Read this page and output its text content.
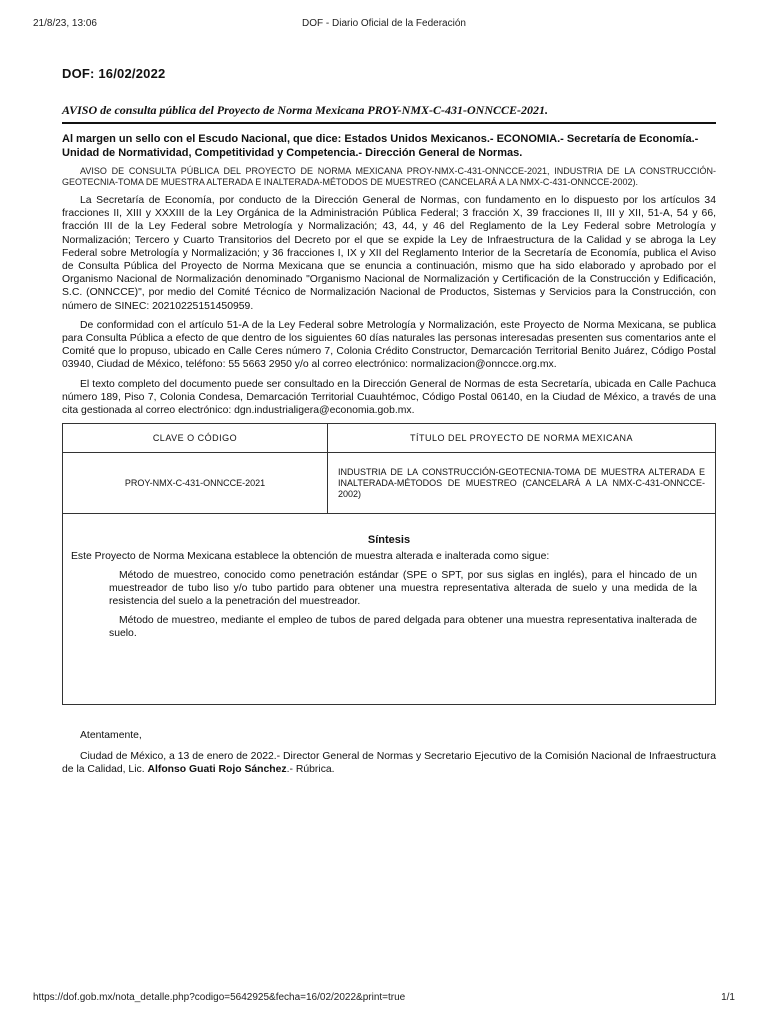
21/8/23, 13:06	DOF - Diario Oficial de la Federación

DOF: 16/02/2022

AVISO de consulta pública del Proyecto de Norma Mexicana PROY-NMX-C-431-ONNCCE-2021.

Al margen un sello con el Escudo Nacional, que dice: Estados Unidos Mexicanos.- ECONOMIA.- Secretaría de Economía.- Unidad de Normatividad, Competitividad y Competencia.- Dirección General de Normas.

AVISO DE CONSULTA PÚBLICA DEL PROYECTO DE NORMA MEXICANA PROY-NMX-C-431-ONNCCE-2021, INDUSTRIA DE LA CONSTRUCCIÓN-GEOTECNIA-TOMA DE MUESTRA ALTERADA E INALTERADA-MÉTODOS DE MUESTREO (CANCELARÁ A LA NMX-C-431-ONNCCE-2002).

La Secretaría de Economía, por conducto de la Dirección General de Normas, con fundamento en lo dispuesto por los artículos 34 fracciones II, XIII y XXXIII de la Ley Orgánica de la Administración Pública Federal; 3 fracción X, 39 fracciones II, III y XII, 51-A, 54 y 66, fracción III de la Ley Federal sobre Metrología y Normalización; 43, 44, y 46 del Reglamento de la Ley Federal sobre Metrología y Normalización; Tercero y Cuarto Transitorios del Decreto por el que se expide la Ley de Infraestructura de la Calidad y se abroga la Ley Federal sobre Metrología y Normalización; y 36 fracciones I, IX y XII del Reglamento Interior de la Secretaría de Economía, publica el Aviso de Consulta Pública del Proyecto de Norma Mexicana que se enuncia a continuación, mismo que ha sido elaborado y aprobado por el Organismo Nacional de Normalización denominado "Organismo Nacional de Normalización y Certificación de la Construcción y Edificación, S.C. (ONNCCE)", por medio del Comité Técnico de Normalización Nacional de Productos, Sistemas y Servicios para la Construcción, con número de SINEC: 20210225151450959.

De conformidad con el artículo 51-A de la Ley Federal sobre Metrología y Normalización, este Proyecto de Norma Mexicana, se publica para Consulta Pública a efecto de que dentro de los siguientes 60 días naturales las personas interesadas presenten sus comentarios ante el Comité que lo propuso, ubicado en Calle Ceres número 7, Colonia Crédito Constructor, Demarcación Territorial Benito Juárez, Código Postal 03940, Ciudad de México, teléfono: 55 5663 2950 y/o al correo electrónico: normalizacion@onncce.org.mx.

El texto completo del documento puede ser consultado en la Dirección General de Normas de esta Secretaría, ubicada en Calle Pachuca número 189, Piso 7, Colonia Condesa, Demarcación Territorial Cuauhtémoc, Código Postal 06140, en la Ciudad de México, a través de una cita gestionada al correo electrónico: dgn.industrialigera@economia.gob.mx.

CLAVE O CÓDIGO	TÍTULO DEL PROYECTO DE NORMA MEXICANA
PROY-NMX-C-431-ONNCCE-2021	INDUSTRIA DE LA CONSTRUCCIÓN-GEOTECNIA-TOMA DE MUESTRA ALTERADA E INALTERADA-MÉTODOS DE MUESTREO (CANCELARÁ A LA NMX-C-431-ONNCCE-2002)

Síntesis

Este Proyecto de Norma Mexicana establece la obtención de muestra alterada e inalterada como sigue:

Método de muestreo, conocido como penetración estándar (SPE o SPT, por sus siglas en inglés), para el hincado de un muestreador de tubo liso y/o tubo partido para obtener una muestra representativa alterada de suelo y una medida de la resistencia del suelo a la penetración del muestreador.

Método de muestreo, mediante el empleo de tubos de pared delgada para obtener una muestra representativa inalterada de suelo.	

Atentamente,

Ciudad de México, a 13 de enero de 2022.- Director General de Normas y Secretario Ejecutivo de la Comisión Nacional de Infraestructura de la Calidad, Lic. Alfonso Guati Rojo Sánchez.- Rúbrica.

https://dof.gob.mx/nota_detalle.php?codigo=5642925&fecha=16/02/2022&print=true	1/1
